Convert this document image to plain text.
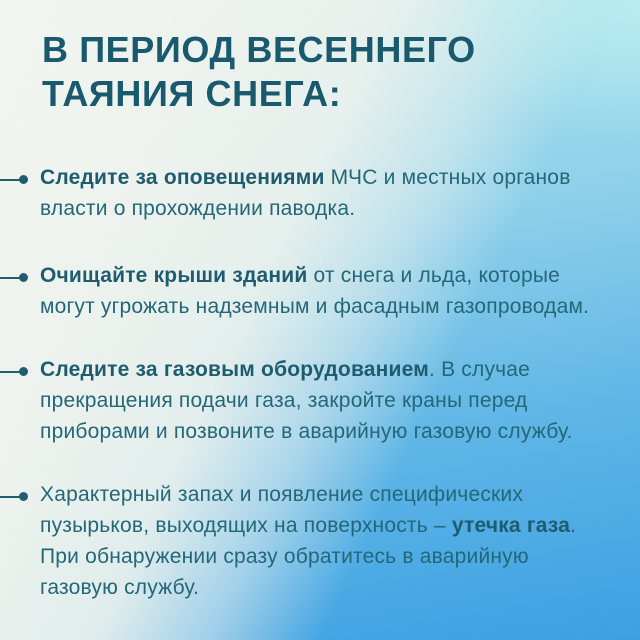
В ПЕРИОД ВЕСЕННЕГО
ТАЯНИЯ СНЕГА:

Следите за оповещениями МЧС и местных органов
власти о прохождении паводка.

Очищайте крыши зданий от снега и льда, которые
могут угрожать надземным и фасадным газопроводам.

Следите за газовым оборудованием. В случае
прекращения подачи газа, закройте краны перед
приборами и позвоните в аварийную газовую службу.

Характерный запах и появление специфических
пузырьков, выходящих на поверхность – утечка газа.
При обнаружении сразу обратитесь в аварийную
газовую службу.
